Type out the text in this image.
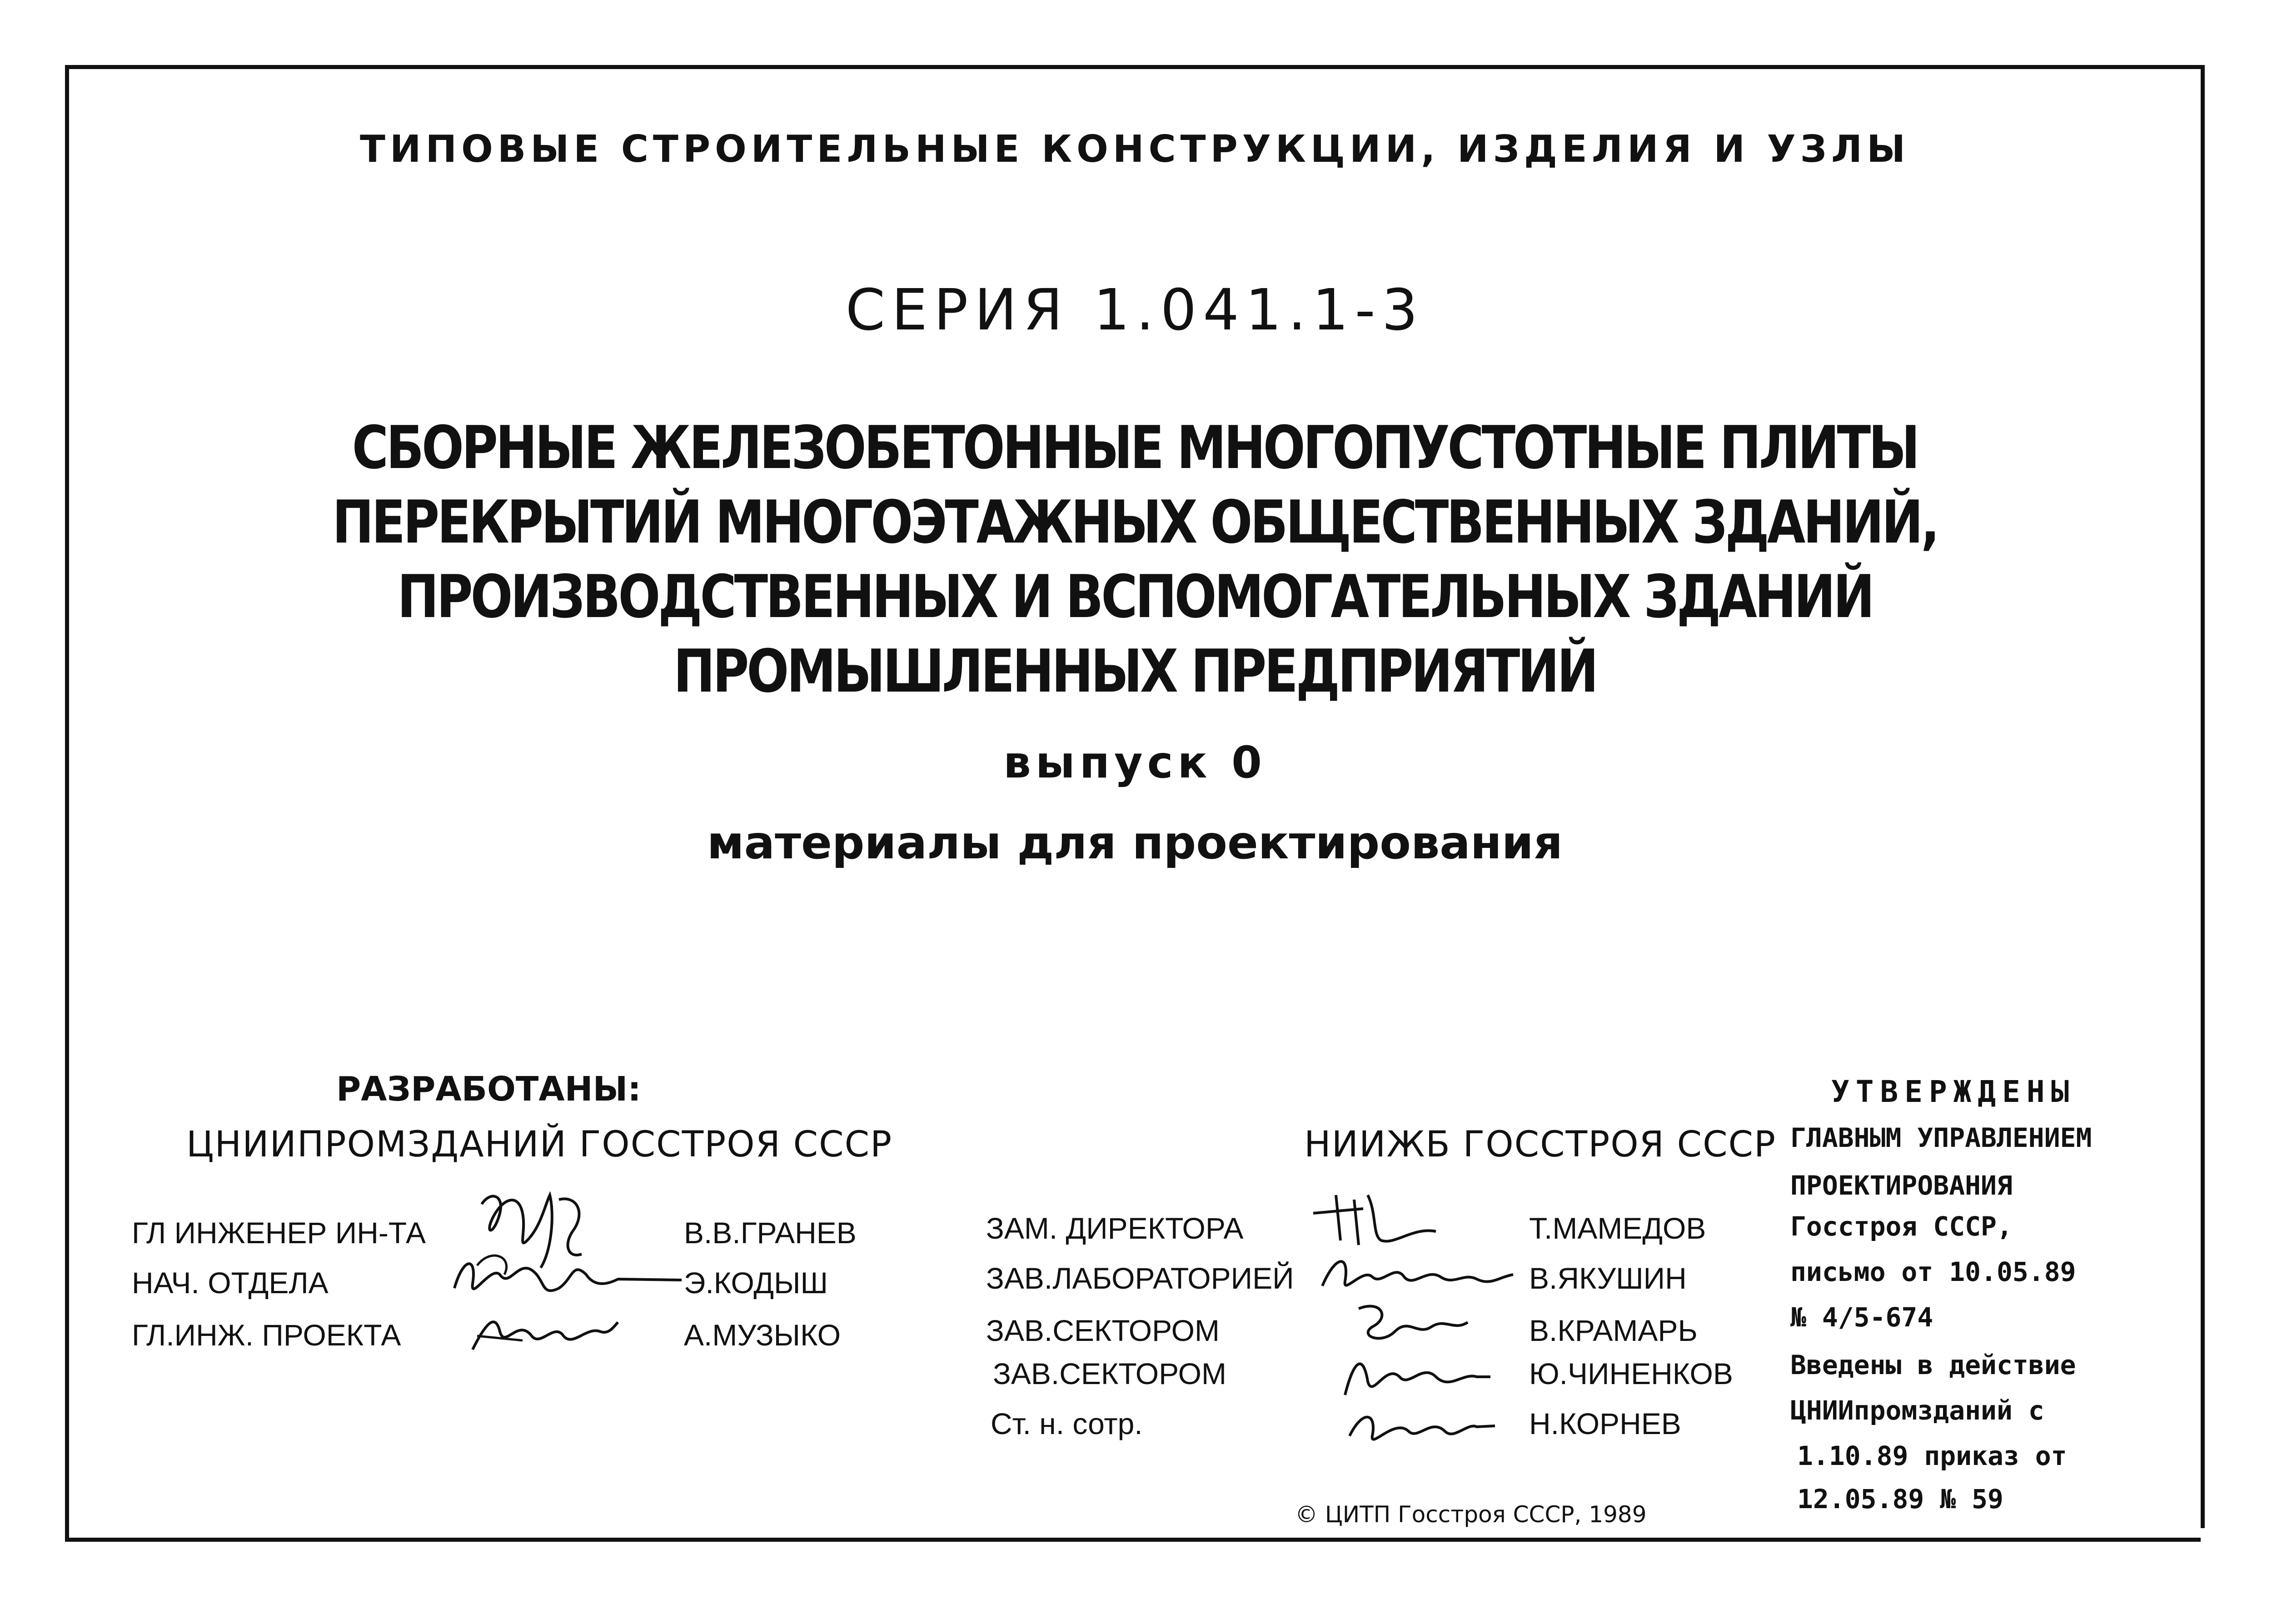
ТИПОВЫЕ СТРОИТЕЛЬНЫЕ КОНСТРУКЦИИ, ИЗДЕЛИЯ И УЗЛЫ
СЕРИЯ 1.041.1-3
СБОРНЫЕ ЖЕЛЕЗОБЕТОННЫЕ МНОГОПУСТОТНЫЕ ПЛИТЫ
ПЕРЕКРЫТИЙ МНОГОЭТАЖНЫХ ОБЩЕСТВЕННЫХ ЗДАНИЙ,
ПРОИЗВОДСТВЕННЫХ И ВСПОМОГАТЕЛЬНЫХ ЗДАНИЙ
ПРОМЫШЛЕННЫХ ПРЕДПРИЯТИЙ
выпуск 0
материалы для проектирования
РАЗРАБОТАНЫ:
ЦНИИПРОМЗДАНИЙ ГОССТРОЯ СССР	НИИЖБ ГОССТРОЯ СССР
ГЛ ИНЖЕНЕР ИН-ТА
НАЧ. ОТДЕЛА
ГЛ.ИНЖ. ПРОЕКТА
В.В.ГРАНЕВ
Э.КОДЫШ
А.МУЗЫКО
ЗАМ. ДИРЕКТОРА
ЗАВ.ЛАБОРАТОРИЕЙ
ЗАВ.СЕКТОРОМ
ЗАВ.СЕКТОРОМ
Ст. н. сотр.
Т.МАМЕДОВ
В.ЯКУШИН
В.КРАМАРЬ
Ю.ЧИНЕНКОВ
Н.КОРНЕВ
УТВЕРЖДЕНЫ
ГЛАВНЫМ УПРАВЛЕНИЕМ
ПРОЕКТИРОВАНИЯ
Госстроя СССР,
письмо от 10.05.89
№ 4/5-674
Введены в действие
ЦНИИпромзданий с
1.10.89 приказ от
12.05.89 № 59
© ЦИТП Госстроя СССР, 1989
